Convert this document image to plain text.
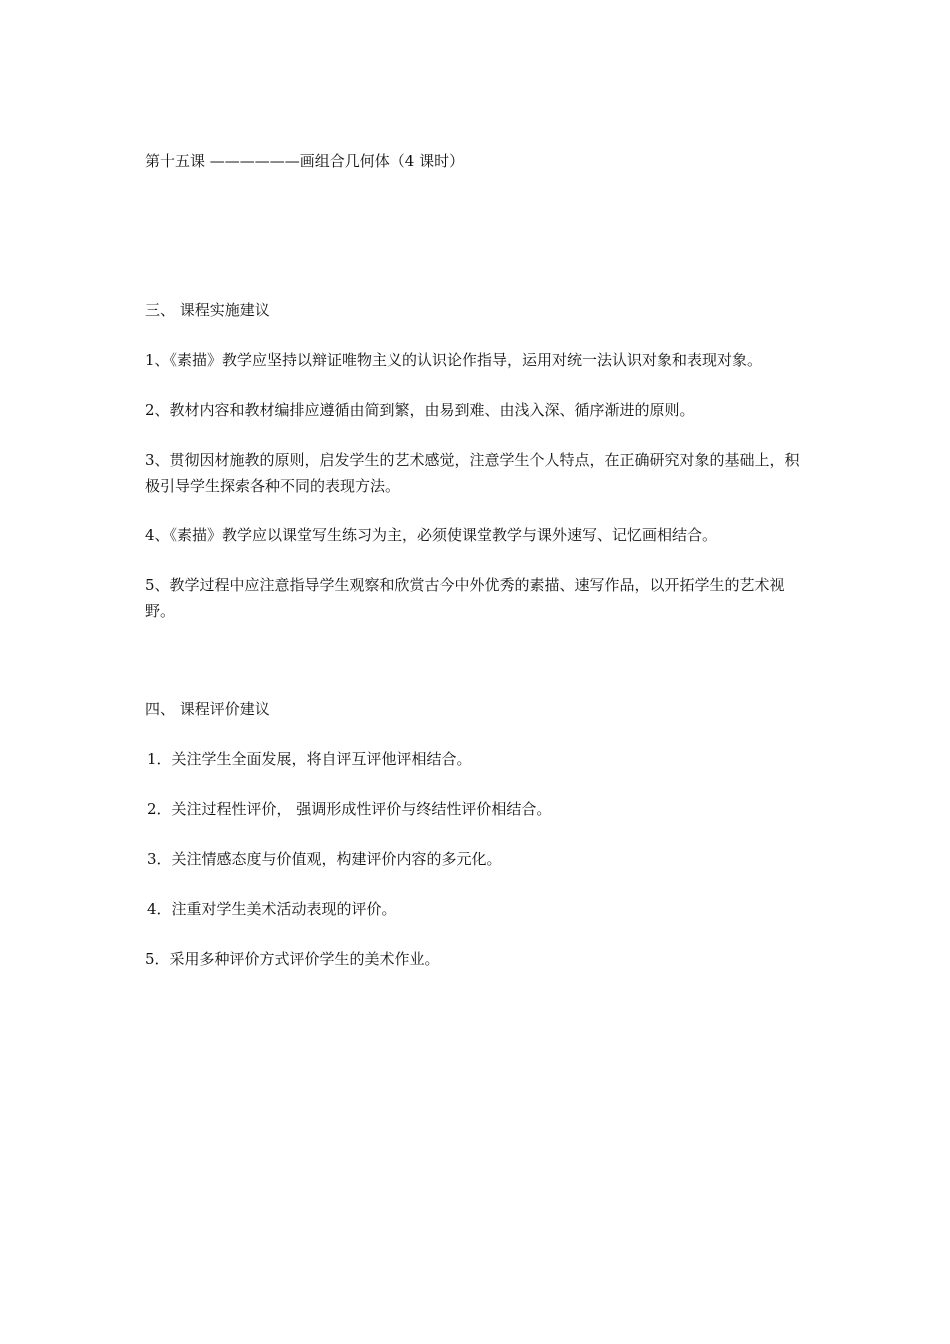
第十五课 ——————画组合几何体（4 课时）
三、 课程实施建议
1、《素描》教学应坚持以辩证唯物主义的认识论作指导，运用对统一法认识对象和表现对象。
2、教材内容和教材编排应遵循由简到繁，由易到难、由浅入深、循序渐进的原则。
3、贯彻因材施教的原则，启发学生的艺术感觉，注意学生个人特点，在正确研究对象的基础上，积极引导学生探索各种不同的表现方法。
4、《素描》教学应以课堂写生练习为主，必须使课堂教学与课外速写、记忆画相结合。
5、教学过程中应注意指导学生观察和欣赏古今中外优秀的素描、速写作品，以开拓学生的艺术视野。
四、 课程评价建议
1．关注学生全面发展，将自评互评他评相结合。
2．关注过程性评价， 强调形成性评价与终结性评价相结合。
3．关注情感态度与价值观，构建评价内容的多元化。
4．注重对学生美术活动表现的评价。
5．采用多种评价方式评价学生的美术作业。
